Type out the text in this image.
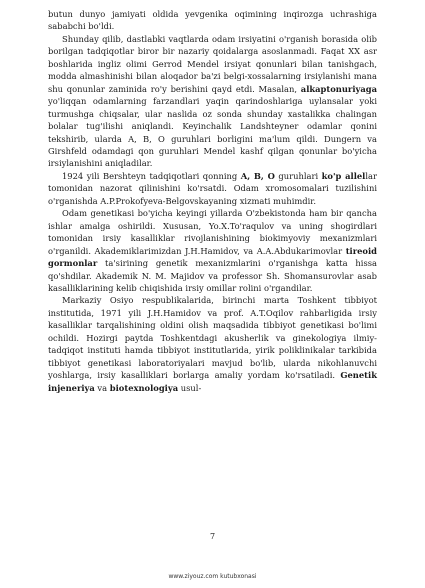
butun dunyo jamiyati oldida yevgenika oqimining inqirozga uchrashiga sababchi bo'ldi.

Shunday qilib, dastlabki vaqtlarda odam irsiyatini o'rganish borasida olib borilgan tadqiqotlar biror bir nazariy qoidalarga asoslanmadi. Faqat XX asr boshlarida ingliz olimi Gerrod Mendel irsiyat qonunlari bilan tanishgach, modda almashinishi bilan aloqador ba'zi belgi-xossalarning irsiylanishi mana shu qonunlar zaminida ro'y berishini qayd etdi. Masalan, alkaptonuriyaga yo'liqqan odamlarning farzandlari yaqin qarindoshlariga uylansalar yoki turmushga chiqsalar, ular naslida oz sonda shunday xastalikka chalingan bolalar tug'ilishi aniqlandi. Keyinchalik Landshteyner odamlar qonini tekshirib, ularda A, B, O guruhlari borligini ma'lum qildi. Dungern va Girshfeld odamdagi qon guruhlari Mendel kashf qilgan qonunlar bo'yicha irsiylanishini aniqladilar.

1924 yili Bershteyn tadqiqotlari qonning A, B, O guruhlari ko'p allellar tomonidan nazorat qilinishini ko'rsatdi. Odam xromosomalari tuzilishini o'rganishda A.P.Prokofyeva-Belgovskayaning xizmati muhimdir.

Odam genetikasi bo'yicha keyingi yillarda O'zbekistonda ham bir qancha ishlar amalga oshirildi. Xususan, Yo.X.To'raqulov va uning shogirdlari tomonidan irsiy kasalliklar rivojlanishining biokimyoviy mexanizmlari o'rganildi. Akademiklarimizdan J.H.Hamidov, va A.A.Abdukarimovlar tireoid gormonlar ta'sirining genetik mexanizmlarini o'rganishga katta hissa qo'shdilar. Akademik N. M. Majidov va professor Sh. Shomansurovlar asab kasalliklarining kelib chiqishida irsiy omillar rolini o'rgandilar.

Markaziy Osiyo respublikalarida, birinchi marta Toshkent tibbiyot institutida, 1971 yili J.H.Hamidov va prof. A.T.Oqilov rahbarligida irsiy kasalliklar tarqalishining oldini olish maqsadida tibbiyot genetikasi bo'limi ochildi. Hozirgi paytda Toshkentdagi akusherlik va ginekologiya ilmiy-tadqiqot instituti hamda tibbiyot institutlarida, yirik poliklinikalar tarkibida tibbiyot genetikasi laboratoriyalari mavjud bo'lib, ularda nikohlanuvchi yoshlarga, irsiy kasalliklari borlarga amaliy yordam ko'rsatiladi. Genetik injeneriya va biotexnologiya usul-

7
www.ziyouz.com kutubxonasi
